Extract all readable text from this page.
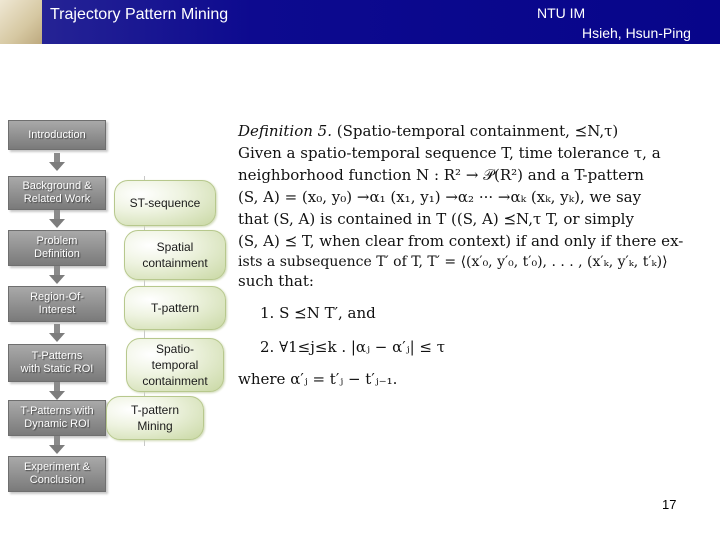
Trajectory Pattern Mining	NTU IM
Hsieh, Hsun-Ping
Introduction
Background &
Related Work
Problem
Definition
Region-Of-
Interest
T-Patterns
with Static ROI
T-Patterns with
Dynamic ROI
Experiment &
Conclusion
ST-sequence
Spatial
containment
T-pattern
Spatio-
temporal
containment
T-pattern
Mining
Definition 5. (Spatio-temporal containment, ⪯N,τ)
Given a spatio-temporal sequence T, time tolerance τ, a
neighborhood function N : R² → 𝒫(R²) and a T-pattern
(S, A) = (x₀, y₀) →α₁ (x₁, y₁) →α₂ ··· →αₖ (xₖ, yₖ), we say
that (S, A) is contained in T ((S, A) ⪯N,τ T, or simply
(S, A) ⪯ T, when clear from context) if and only if there ex-
ists a subsequence T′ of T, T′ = ⟨(x′₀, y′₀, t′₀), . . . , (x′ₖ, y′ₖ, t′ₖ)⟩
such that:
1. S ⪯N T′, and
2. ∀1≤j≤k . |αⱼ − α′ⱼ| ≤ τ
where α′ⱼ = t′ⱼ − t′ⱼ₋₁.
17
